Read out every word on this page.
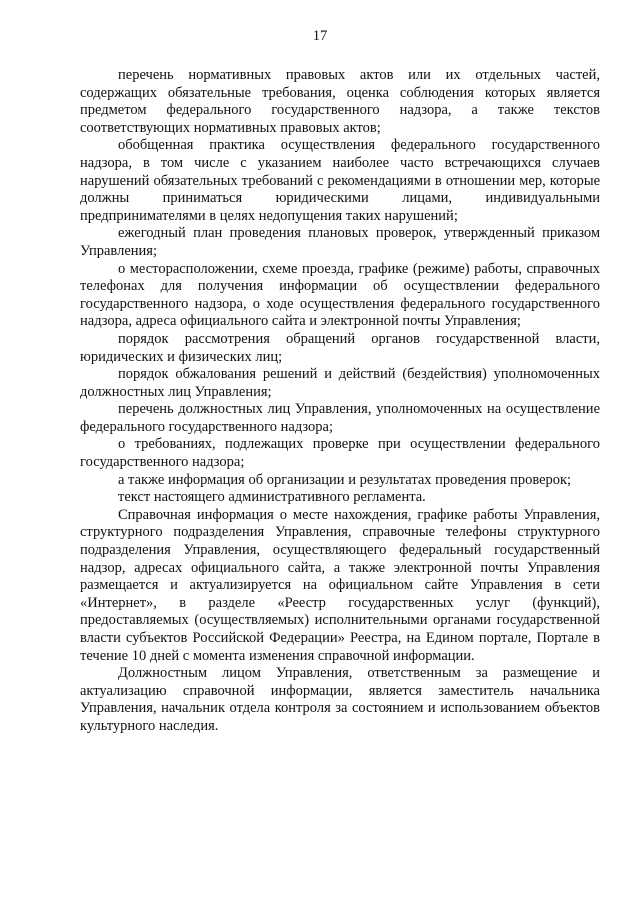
17

перечень нормативных правовых актов или их отдельных частей, содержащих обязательные требования, оценка соблюдения которых является предметом федерального государственного надзора, а также текстов соответствующих нормативных правовых актов;

обобщенная практика осуществления федерального государственного надзора, в том числе с указанием наиболее часто встречающихся случаев нарушений обязательных требований с рекомендациями в отношении мер, которые должны приниматься юридическими лицами, индивидуальными предпринимателями в целях недопущения таких нарушений;

ежегодный план проведения плановых проверок, утвержденный приказом Управления;

о месторасположении, схеме проезда, графике (режиме) работы, справочных телефонах для получения информации об осуществлении федерального государственного надзора, о ходе осуществления федерального государственного надзора, адреса официального сайта и электронной почты Управления;

порядок рассмотрения обращений органов государственной власти, юридических и физических лиц;

порядок обжалования решений и действий (бездействия) уполномоченных должностных лиц Управления;

перечень должностных лиц Управления, уполномоченных на осуществление федерального государственного надзора;

о требованиях, подлежащих проверке при осуществлении федерального государственного надзора;

а также информация об организации и результатах проведения проверок;

текст настоящего административного регламента.

Справочная информация о месте нахождения, графике работы Управления, структурного подразделения Управления, справочные телефоны структурного подразделения Управления, осуществляющего федеральный государственный надзор, адресах официального сайта, а также электронной почты Управления размещается и актуализируется на официальном сайте Управления в сети «Интернет», в разделе «Реестр государственных услуг (функций), предоставляемых (осуществляемых) исполнительными органами государственной власти субъектов Российской Федерации» Реестра, на Едином портале, Портале в течение 10 дней с момента изменения справочной информации.

Должностным лицом Управления, ответственным за размещение и актуализацию справочной информации, является заместитель начальника Управления, начальник отдела контроля за состоянием и использованием объектов культурного наследия.
